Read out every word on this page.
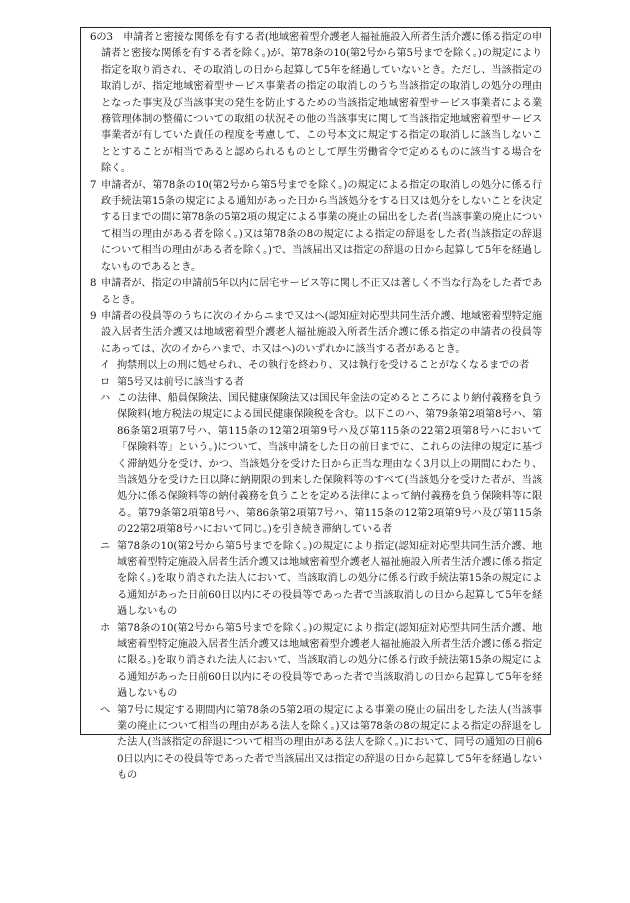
6の3　申請者と密接な関係を有する者(地域密着型介護老人福祉施設入所者生活介護に係る指定の申請者と密接な関係を有する者を除く。)が、第78条の10(第2号から第5号までを除く。)の規定により指定を取り消され、その取消しの日から起算して5年を経過していないとき。ただし、当該指定の取消しが、指定地域密着型サービス事業者の指定の取消しのうち当該指定の取消しの処分の理由となった事実及び当該事実の発生を防止するための当該指定地域密着型サービス事業者による業務管理体制の整備についての取組の状況その他の当該事実に関して当該指定地域密着型サービス事業者が有していた責任の程度を考慮して、この号本文に規定する指定の取消しに該当しないこととすることが相当であると認められるものとして厚生労働省令で定めるものに該当する場合を除く。

7 申請者が、第78条の10(第2号から第5号までを除く。)の規定による指定の取消しの処分に係る行政手続法第15条の規定による通知があった日から当該処分をする日又は処分をしないことを決定する日までの間に第78条の5第2項の規定による事業の廃止の届出をした者(当該事業の廃止について相当の理由がある者を除く。)又は第78条の8の規定による指定の辞退をした者(当該指定の辞退について相当の理由がある者を除く。)で、当該届出又は指定の辞退の日から起算して5年を経過しないものであるとき。

8 申請者が、指定の申請前5年以内に居宅サービス等に関し不正又は著しく不当な行為をした者であるとき。

9 申請者の役員等のうちに次のイからニまで又はヘ(認知症対応型共同生活介護、地域密着型特定施設入居者生活介護又は地域密着型介護老人福祉施設入所者生活介護に係る指定の申請者の役員等にあっては、次のイからハまで、ホ又はヘ)のいずれかに該当する者があるとき。

イ 拘禁刑以上の刑に処せられ、その執行を終わり、又は執行を受けることがなくなるまでの者

ロ 第5号又は前号に該当する者

ハ この法律、船員保険法、国民健康保険法又は国民年金法の定めるところにより納付義務を負う保険料(地方税法の規定による国民健康保険税を含む。以下このハ、第79条第2項第8号ハ、第86条第2項第7号ハ、第115条の12第2項第9号ハ及び第115条の22第2項第8号ハにおいて「保険料等」という。)について、当該申請をした日の前日までに、これらの法律の規定に基づく滞納処分を受け、かつ、当該処分を受けた日から正当な理由なく3月以上の期間にわたり、当該処分を受けた日以降に納期限の到来した保険料等のすべて(当該処分を受けた者が、当該処分に係る保険料等の納付義務を負うことを定める法律によって納付義務を負う保険料等に限る。第79条第2項第8号ハ、第86条第2項第7号ハ、第115条の12第2項第9号ハ及び第115条の22第2項第8号ハにおいて同じ。)を引き続き滞納している者

ニ 第78条の10(第2号から第5号までを除く。)の規定により指定(認知症対応型共同生活介護、地域密着型特定施設入居者生活介護又は地域密着型介護老人福祉施設入所者生活介護に係る指定を除く。)を取り消された法人において、当該取消しの処分に係る行政手続法第15条の規定による通知があった日前60日以内にその役員等であった者で当該取消しの日から起算して5年を経過しないもの

ホ 第78条の10(第2号から第5号までを除く。)の規定により指定(認知症対応型共同生活介護、地域密着型特定施設入居者生活介護又は地域密着型介護老人福祉施設入所者生活介護に係る指定に限る。)を取り消された法人において、当該取消しの処分に係る行政手続法第15条の規定による通知があった日前60日以内にその役員等であった者で当該取消しの日から起算して5年を経過しないもの

ヘ 第7号に規定する期間内に第78条の5第2項の規定による事業の廃止の届出をした法人(当該事業の廃止について相当の理由がある法人を除く。)又は第78条の8の規定による指定の辞退をした法人(当該指定の辞退について相当の理由がある法人を除く。)において、同号の通知の日前60日以内にその役員等であった者で当該届出又は指定の辞退の日から起算して5年を経過しないもの
